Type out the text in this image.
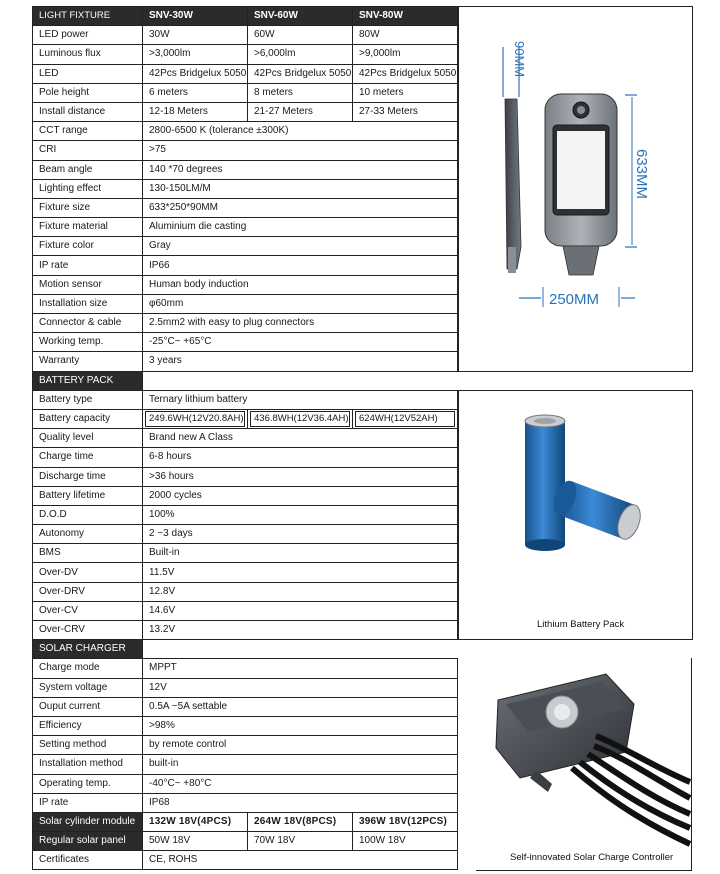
LIGHT FIXTURE	SNV-30W	SNV-60W	SNV-80W
LED power	30W	60W	80W
Luminous flux	>3,000lm	>6,000lm	>9,000lm
LED	42Pcs Bridgelux 5050	42Pcs Bridgelux 5050	42Pcs Bridgelux 5050
Pole height	6 meters	8 meters	10 meters
Install distance	12-18 Meters	21-27 Meters	27-33 Meters
CCT range	2800-6500 K (tolerance ±300K)		
CRI	>75		
Beam angle	140 *70 degrees		
Lighting effect	130-150LM/M		
Fixture size	633*250*90MM		
Fixture material	Aluminium die casting		
Fixture color	Gray		
IP rate	IP66		
Motion sensor	Human body induction		
Installation size	φ60mm		
Connector & cable	2.5mm2 with easy to plug connectors		
Working temp.	-25°C~ +65°C		
Warranty	3 years		
BATTERY PACK			
Battery type	Ternary lithium battery		
Battery capacity	249.6WH(12V20.8AH)	436.8WH(12V36.4AH)	624WH(12V52AH)

Quality level	Brand new A Class		
Charge time	6-8 hours		
Discharge time	>36 hours		
Battery lifetime	2000 cycles		
D.O.D	100%		
Autonomy	2 ~3 days		
BMS	Built-in		
Over-DV	11.5V		
Over-DRV	12.8V		
Over-CV	14.6V		
Over-CRV	13.2V		
SOLAR CHARGER			
Charge mode	MPPT		
System voltage	12V		
Ouput current	0.5A ~5A settable		
Efficiency	>98%		
Setting method	by remote control		
Installation method	built-in		
Operating temp.	-40°C~ +80°C		
IP rate	IP68		
Solar cylinder module	132W 18V(4PCS)	264W 18V(8PCS)	396W 18V(12PCS)
Regular solar panel	50W 18V	70W 18V	100W 18V
Certificates	CE, ROHS		
90MM
633MM
250MM
Lithium Battery Pack
Self-innovated Solar Charge Controller
